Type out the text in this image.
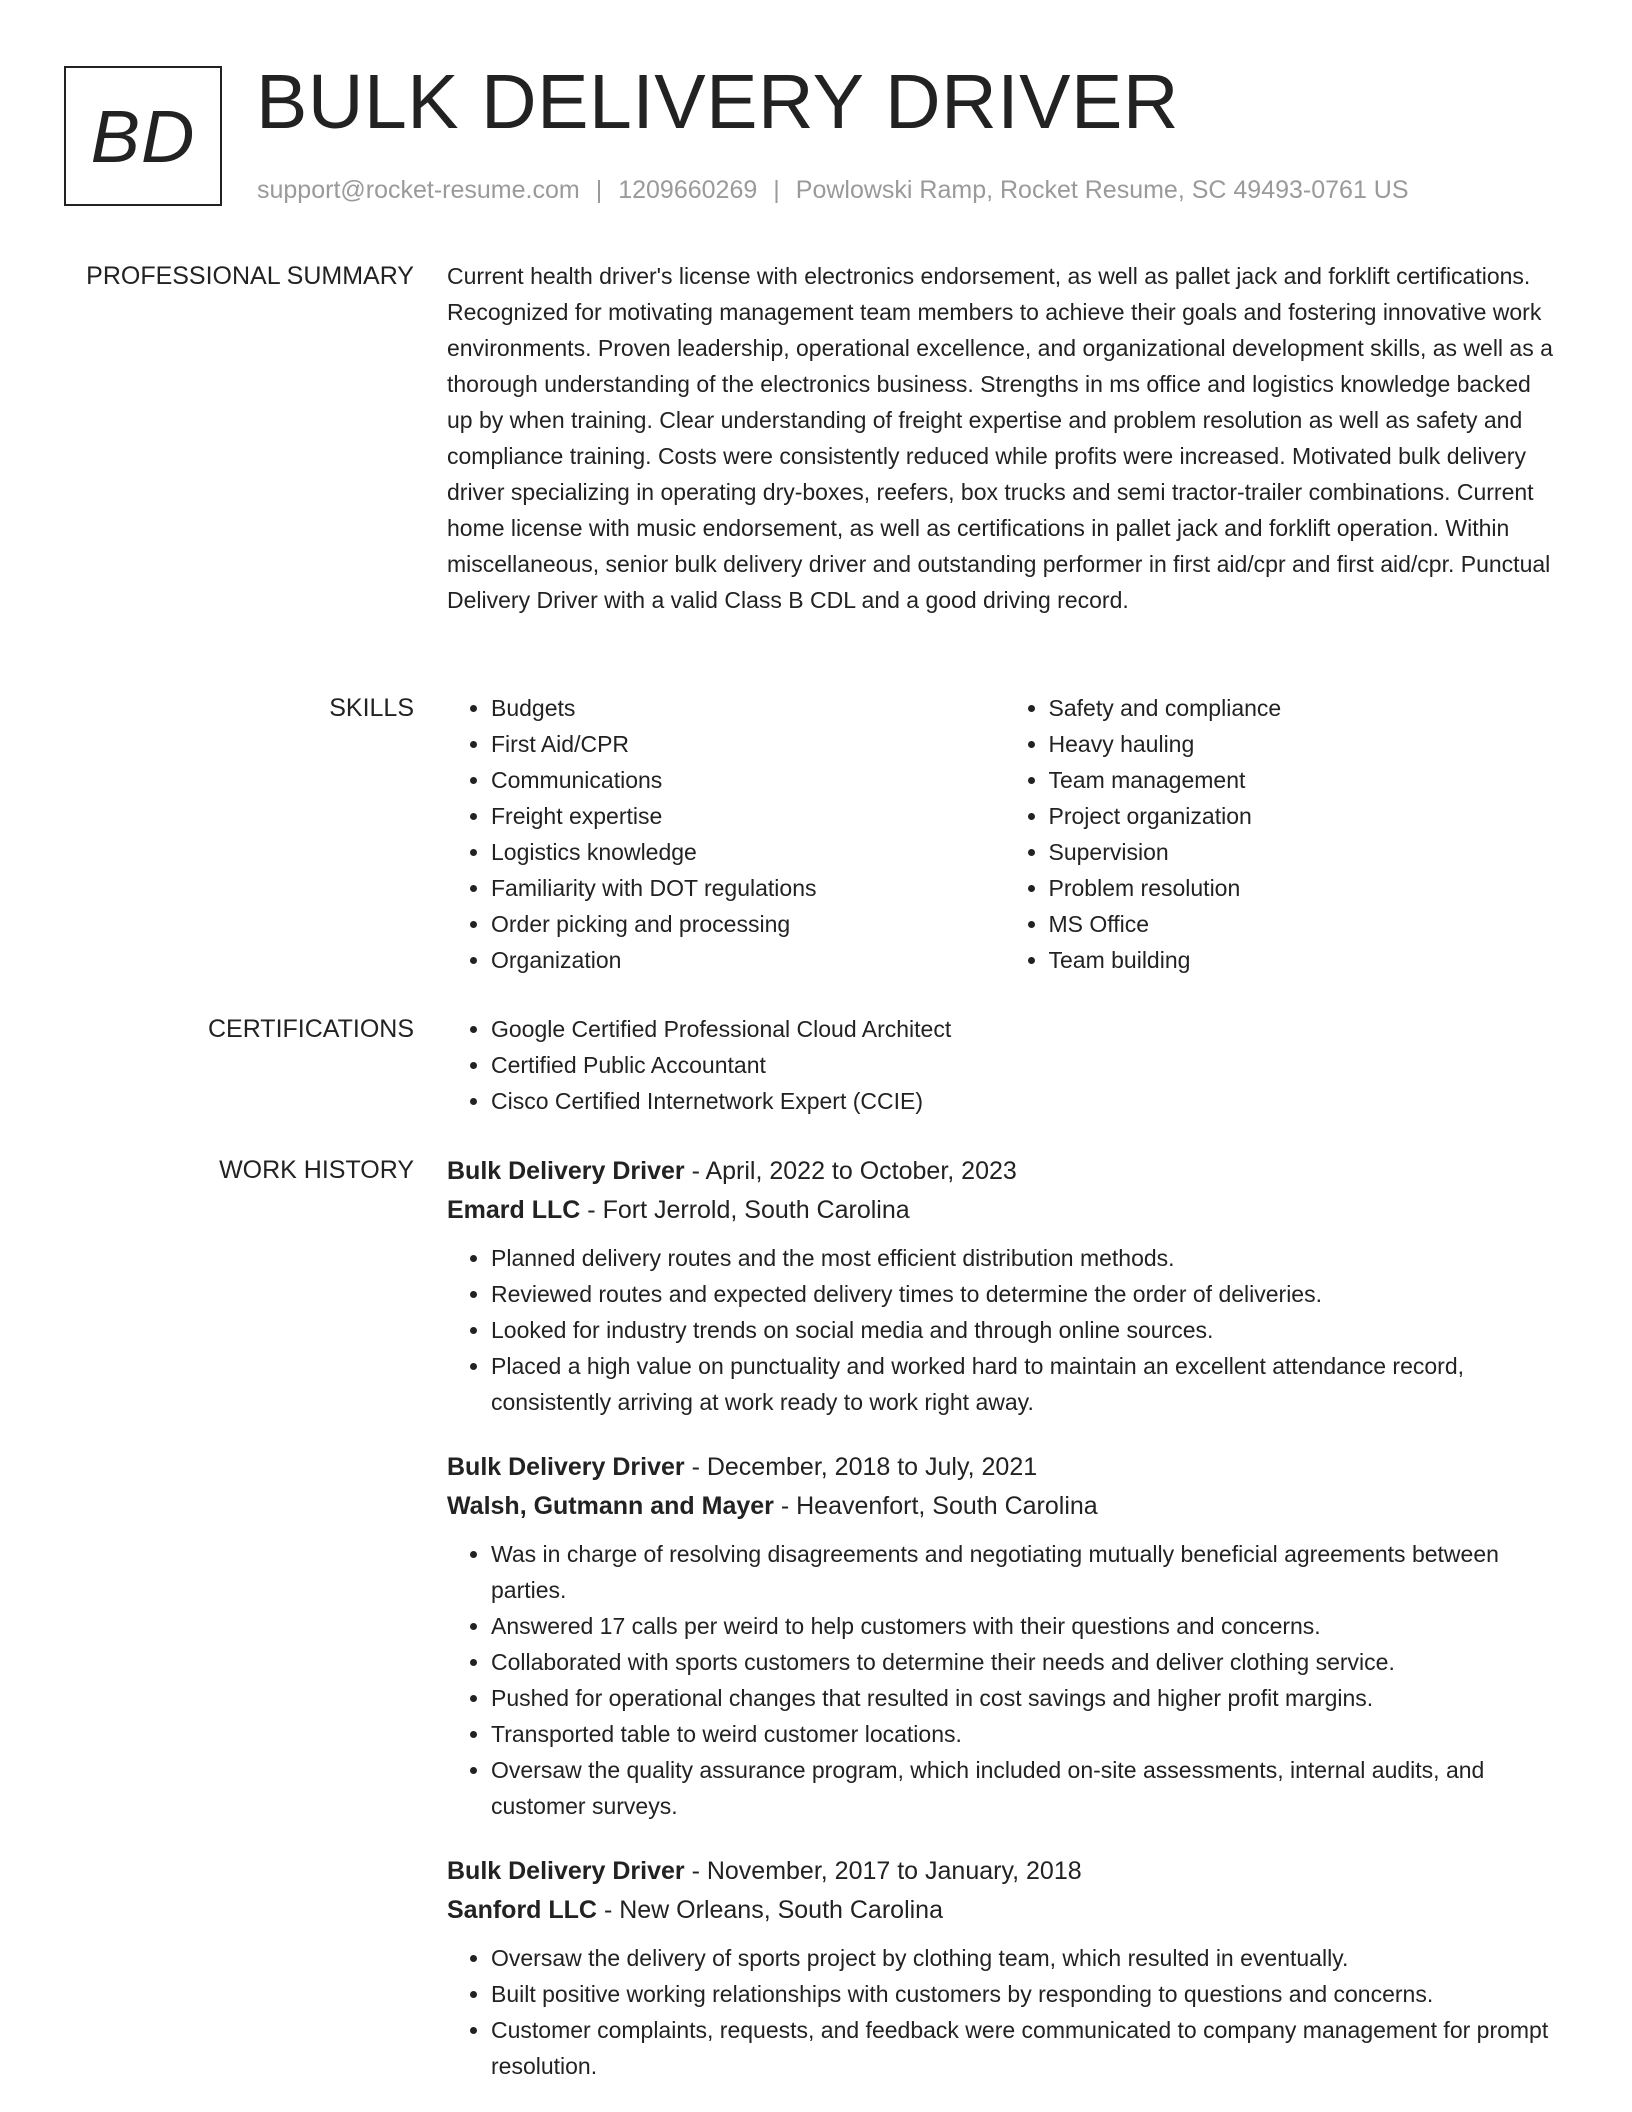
BD BULK DELIVERY DRIVER
support@rocket-resume.com | 1209660269 | Powlowski Ramp, Rocket Resume, SC 49493-0761 US
PROFESSIONAL SUMMARY Current health driver's license with electronics endorsement, as well as pallet jack and forklift certifications. Recognized for motivating management team members to achieve their goals and fostering innovative work environments. Proven leadership, operational excellence, and organizational development skills, as well as a thorough understanding of the electronics business. Strengths in ms office and logistics knowledge backed up by when training. Clear understanding of freight expertise and problem resolution as well as safety and compliance training. Costs were consistently reduced while profits were increased. Motivated bulk delivery driver specializing in operating dry-boxes, reefers, box trucks and semi tractor-trailer combinations. Current home license with music endorsement, as well as certifications in pallet jack and forklift operation. Within miscellaneous, senior bulk delivery driver and outstanding performer in first aid/cpr and first aid/cpr. Punctual Delivery Driver with a valid Class B CDL and a good driving record.

SKILLS	• Budgets
• First Aid/CPR
• Communications
• Freight expertise
• Logistics knowledge
• Familiarity with DOT regulations
• Order picking and processing
• Organization
• Safety and compliance
• Heavy hauling
• Team management
• Project organization
• Supervision
• Problem resolution
• MS Office
• Team building
CERTIFICATIONS	• Google Certified Professional Cloud Architect
• Certified Public Accountant
• Cisco Certified Internetwork Expert (CCIE)
WORK HISTORY Bulk Delivery Driver - April, 2022 to October, 2023
Emard LLC - Fort Jerrold, South Carolina
• Planned delivery routes and the most efficient distribution methods.
• Reviewed routes and expected delivery times to determine the order of deliveries.
• Looked for industry trends on social media and through online sources.
• Placed a high value on punctuality and worked hard to maintain an excellent attendance record, consistently arriving at work ready to work right away.
Bulk Delivery Driver - December, 2018 to July, 2021
Walsh, Gutmann and Mayer - Heavenfort, South Carolina
• Was in charge of resolving disagreements and negotiating mutually beneficial agreements between parties.
• Answered 17 calls per weird to help customers with their questions and concerns.
• Collaborated with sports customers to determine their needs and deliver clothing service.
• Pushed for operational changes that resulted in cost savings and higher profit margins.
• Transported table to weird customer locations.
• Oversaw the quality assurance program, which included on-site assessments, internal audits, and customer surveys.
Bulk Delivery Driver - November, 2017 to January, 2018
Sanford LLC - New Orleans, South Carolina
• Oversaw the delivery of sports project by clothing team, which resulted in eventually.
• Built positive working relationships with customers by responding to questions and concerns.
• Customer complaints, requests, and feedback were communicated to company management for prompt resolution.
